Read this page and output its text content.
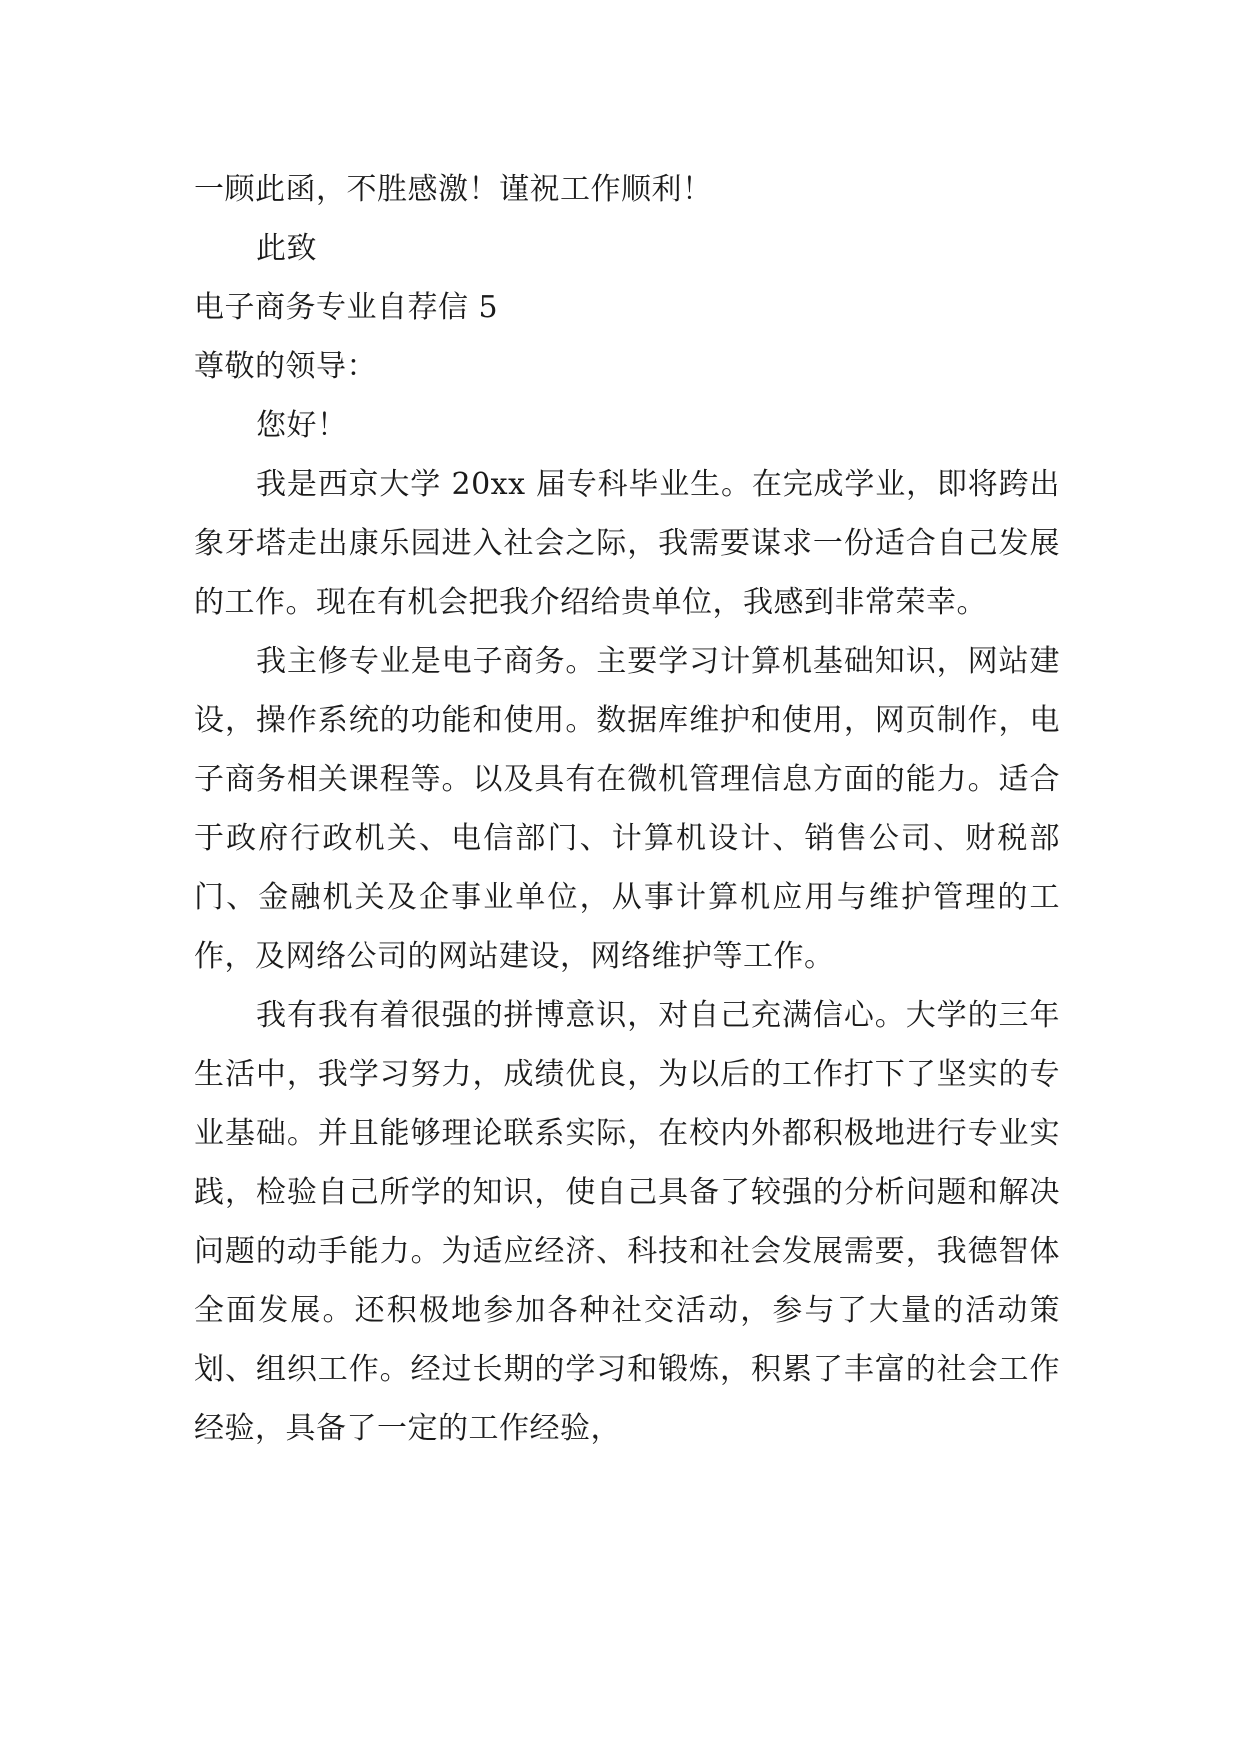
一顾此函，不胜感激！谨祝工作顺利！

此致

电子商务专业自荐信 5

尊敬的领导：

您好！

我是西京大学 20xx 届专科毕业生。在完成学业，即将跨出象牙塔走出康乐园进入社会之际，我需要谋求一份适合自己发展的工作。现在有机会把我介绍给贵单位，我感到非常荣幸。

我主修专业是电子商务。主要学习计算机基础知识，网站建设，操作系统的功能和使用。数据库维护和使用，网页制作，电子商务相关课程等。以及具有在微机管理信息方面的能力。适合于政府行政机关、电信部门、计算机设计、销售公司、财税部门、金融机关及企事业单位，从事计算机应用与维护管理的工作，及网络公司的网站建设，网络维护等工作。

我有我有着很强的拼博意识，对自己充满信心。大学的三年生活中，我学习努力，成绩优良，为以后的工作打下了坚实的专业基础。并且能够理论联系实际，在校内外都积极地进行专业实践，检验自己所学的知识，使自己具备了较强的分析问题和解决问题的动手能力。为适应经济、科技和社会发展需要，我德智体全面发展。还积极地参加各种社交活动，参与了大量的活动策划、组织工作。经过长期的学习和锻炼，积累了丰富的社会工作经验，具备了一定的工作经验，
